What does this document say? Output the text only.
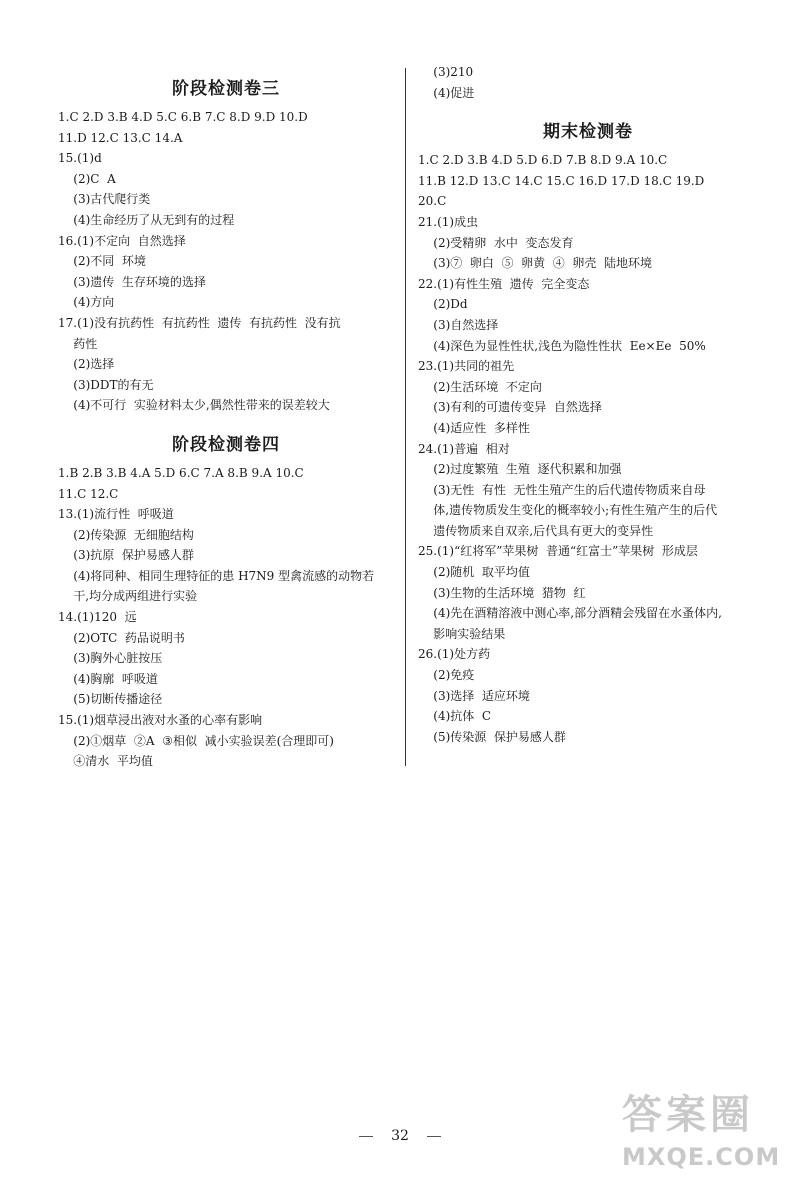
阶段检测卷三
1.C 2.D 3.B 4.D 5.C 6.B 7.C 8.D 9.D 10.D
11.D 12.C 13.C 14.A
15.(1)d
(2)C  A
(3)古代爬行类
(4)生命经历了从无到有的过程
16.(1)不定向  自然选择
(2)不同  环境
(3)遗传  生存环境的选择
(4)方向
17.(1)没有抗药性  有抗药性  遗传  有抗药性  没有抗
药性
(2)选择
(3)DDT的有无
(4)不可行  实验材料太少,偶然性带来的误差较大
阶段检测卷四
1.B 2.B 3.B 4.A 5.D 6.C 7.A 8.B 9.A 10.C
11.C 12.C
13.(1)流行性  呼吸道
(2)传染源  无细胞结构
(3)抗原  保护易感人群
(4)将同种、相同生理特征的患 H7N9 型禽流感的动物若
干,均分成两组进行实验
14.(1)120  远
(2)OTC  药品说明书
(3)胸外心脏按压
(4)胸廓  呼吸道
(5)切断传播途径
15.(1)烟草浸出液对水蚤的心率有影响
(2)①烟草  ②A  ③相似  减小实验误差(合理即可)
④清水  平均值
(3)210
(4)促进
期末检测卷
1.C 2.D 3.B 4.D 5.D 6.D 7.B 8.D 9.A 10.C
11.B 12.D 13.C 14.C 15.C 16.D 17.D 18.C 19.D
20.C
21.(1)成虫
(2)受精卵  水中  变态发育
(3)⑦  卵白  ⑤  卵黄  ④  卵壳  陆地环境
22.(1)有性生殖  遗传  完全变态
(2)Dd
(3)自然选择
(4)深色为显性性状,浅色为隐性性状  Ee×Ee  50%
23.(1)共同的祖先
(2)生活环境  不定向
(3)有利的可遗传变异  自然选择
(4)适应性  多样性
24.(1)普遍  相对
(2)过度繁殖  生殖  逐代积累和加强
(3)无性  有性  无性生殖产生的后代遗传物质来自母
体,遗传物质发生变化的概率较小;有性生殖产生的后代
遗传物质来自双亲,后代具有更大的变异性
25.(1)“红将军”苹果树  普通“红富士”苹果树  形成层
(2)随机  取平均值
(3)生物的生活环境  猎物  红
(4)先在酒精溶液中测心率,部分酒精会残留在水蚤体内,
影响实验结果
26.(1)处方药
(2)免疫
(3)选择  适应环境
(4)抗体  C
(5)传染源  保护易感人群
32	答案圈
MXQE.COM
